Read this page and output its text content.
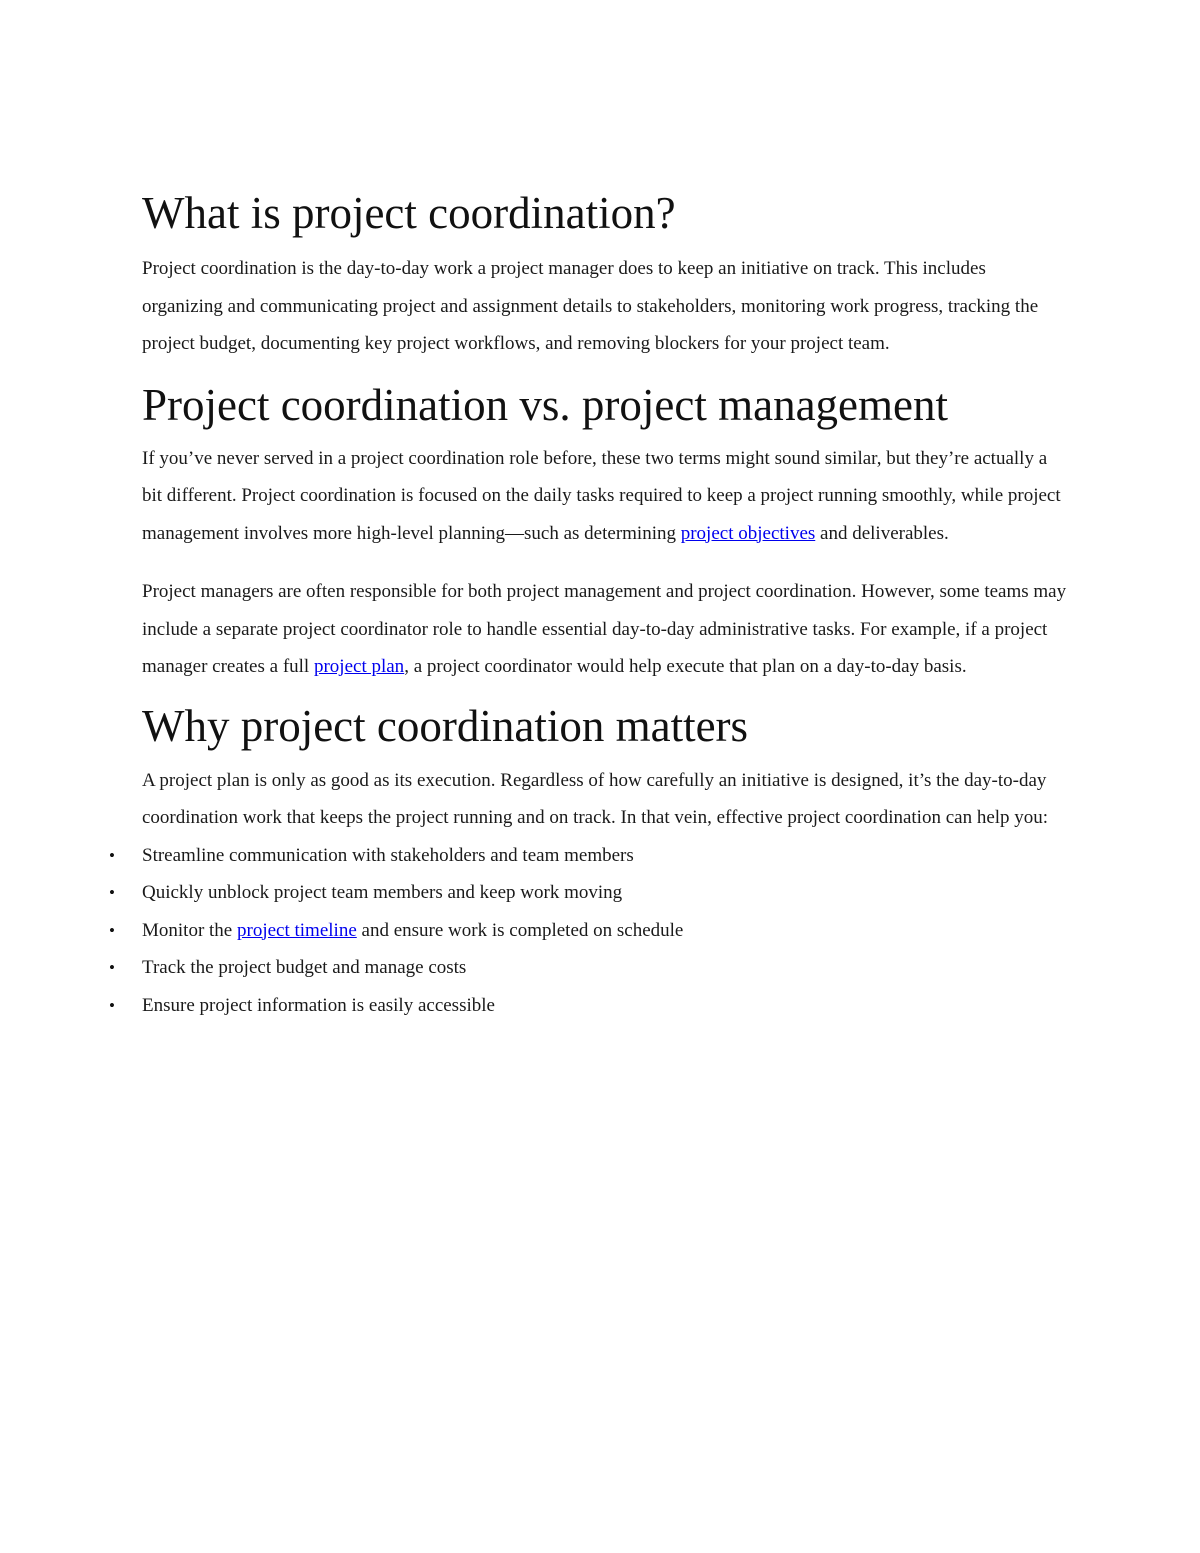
What is project coordination?

Project coordination is the day-to-day work a project manager does to keep an initiative on track. This includes organizing and communicating project and assignment details to stakeholders, monitoring work progress, tracking the project budget, documenting key project workflows, and removing blockers for your project team.

Project coordination vs. project management

If you’ve never served in a project coordination role before, these two terms might sound similar, but they’re actually a bit different. Project coordination is focused on the daily tasks required to keep a project running smoothly, while project management involves more high-level planning—such as determining project objectives and deliverables.

Project managers are often responsible for both project management and project coordination. However, some teams may include a separate project coordinator role to handle essential day-to-day administrative tasks. For example, if a project manager creates a full project plan, a project coordinator would help execute that plan on a day-to-day basis.

Why project coordination matters

A project plan is only as good as its execution. Regardless of how carefully an initiative is designed, it’s the day-to-day coordination work that keeps the project running and on track. In that vein, effective project coordination can help you:

• Streamline communication with stakeholders and team members
• Quickly unblock project team members and keep work moving
• Monitor the project timeline and ensure work is completed on schedule
• Track the project budget and manage costs
• Ensure project information is easily accessible
